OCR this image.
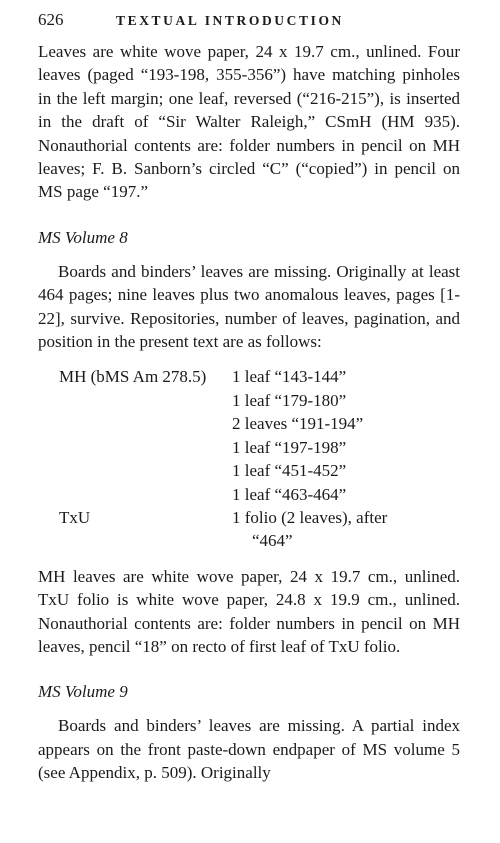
626	TEXTUAL INTRODUCTION

Leaves are white wove paper, 24 x 19.7 cm., unlined. Four leaves (paged “193-198, 355-356”) have matching pinholes in the left margin; one leaf, reversed (“216-215”), is inserted in the draft of “Sir Walter Raleigh,” CSmH (HM 935). Nonauthorial contents are: folder numbers in pencil on MH leaves; F. B. Sanborn’s circled “C” (“copied”) in pencil on MS page “197.”

MS Volume 8

Boards and binders’ leaves are missing. Originally at least 464 pages; nine leaves plus two anomalous leaves, pages [1-22], survive. Repositories, number of leaves, pagination, and position in the present text are as follows:

MH (bMS Am 278.5)	1 leaf “143-144”
1 leaf “179-180”
2 leaves “191-194”
1 leaf “197-198”
1 leaf “451-452”
1 leaf “463-464”
TxU	1 folio (2 leaves), after
“464”

MH leaves are white wove paper, 24 x 19.7 cm., unlined. TxU folio is white wove paper, 24.8 x 19.9 cm., unlined. Nonauthorial contents are: folder numbers in pencil on MH leaves, pencil “18” on recto of first leaf of TxU folio.

MS Volume 9

Boards and binders’ leaves are missing. A partial index appears on the front paste-down endpaper of MS volume 5 (see Appendix, p. 509). Originally
